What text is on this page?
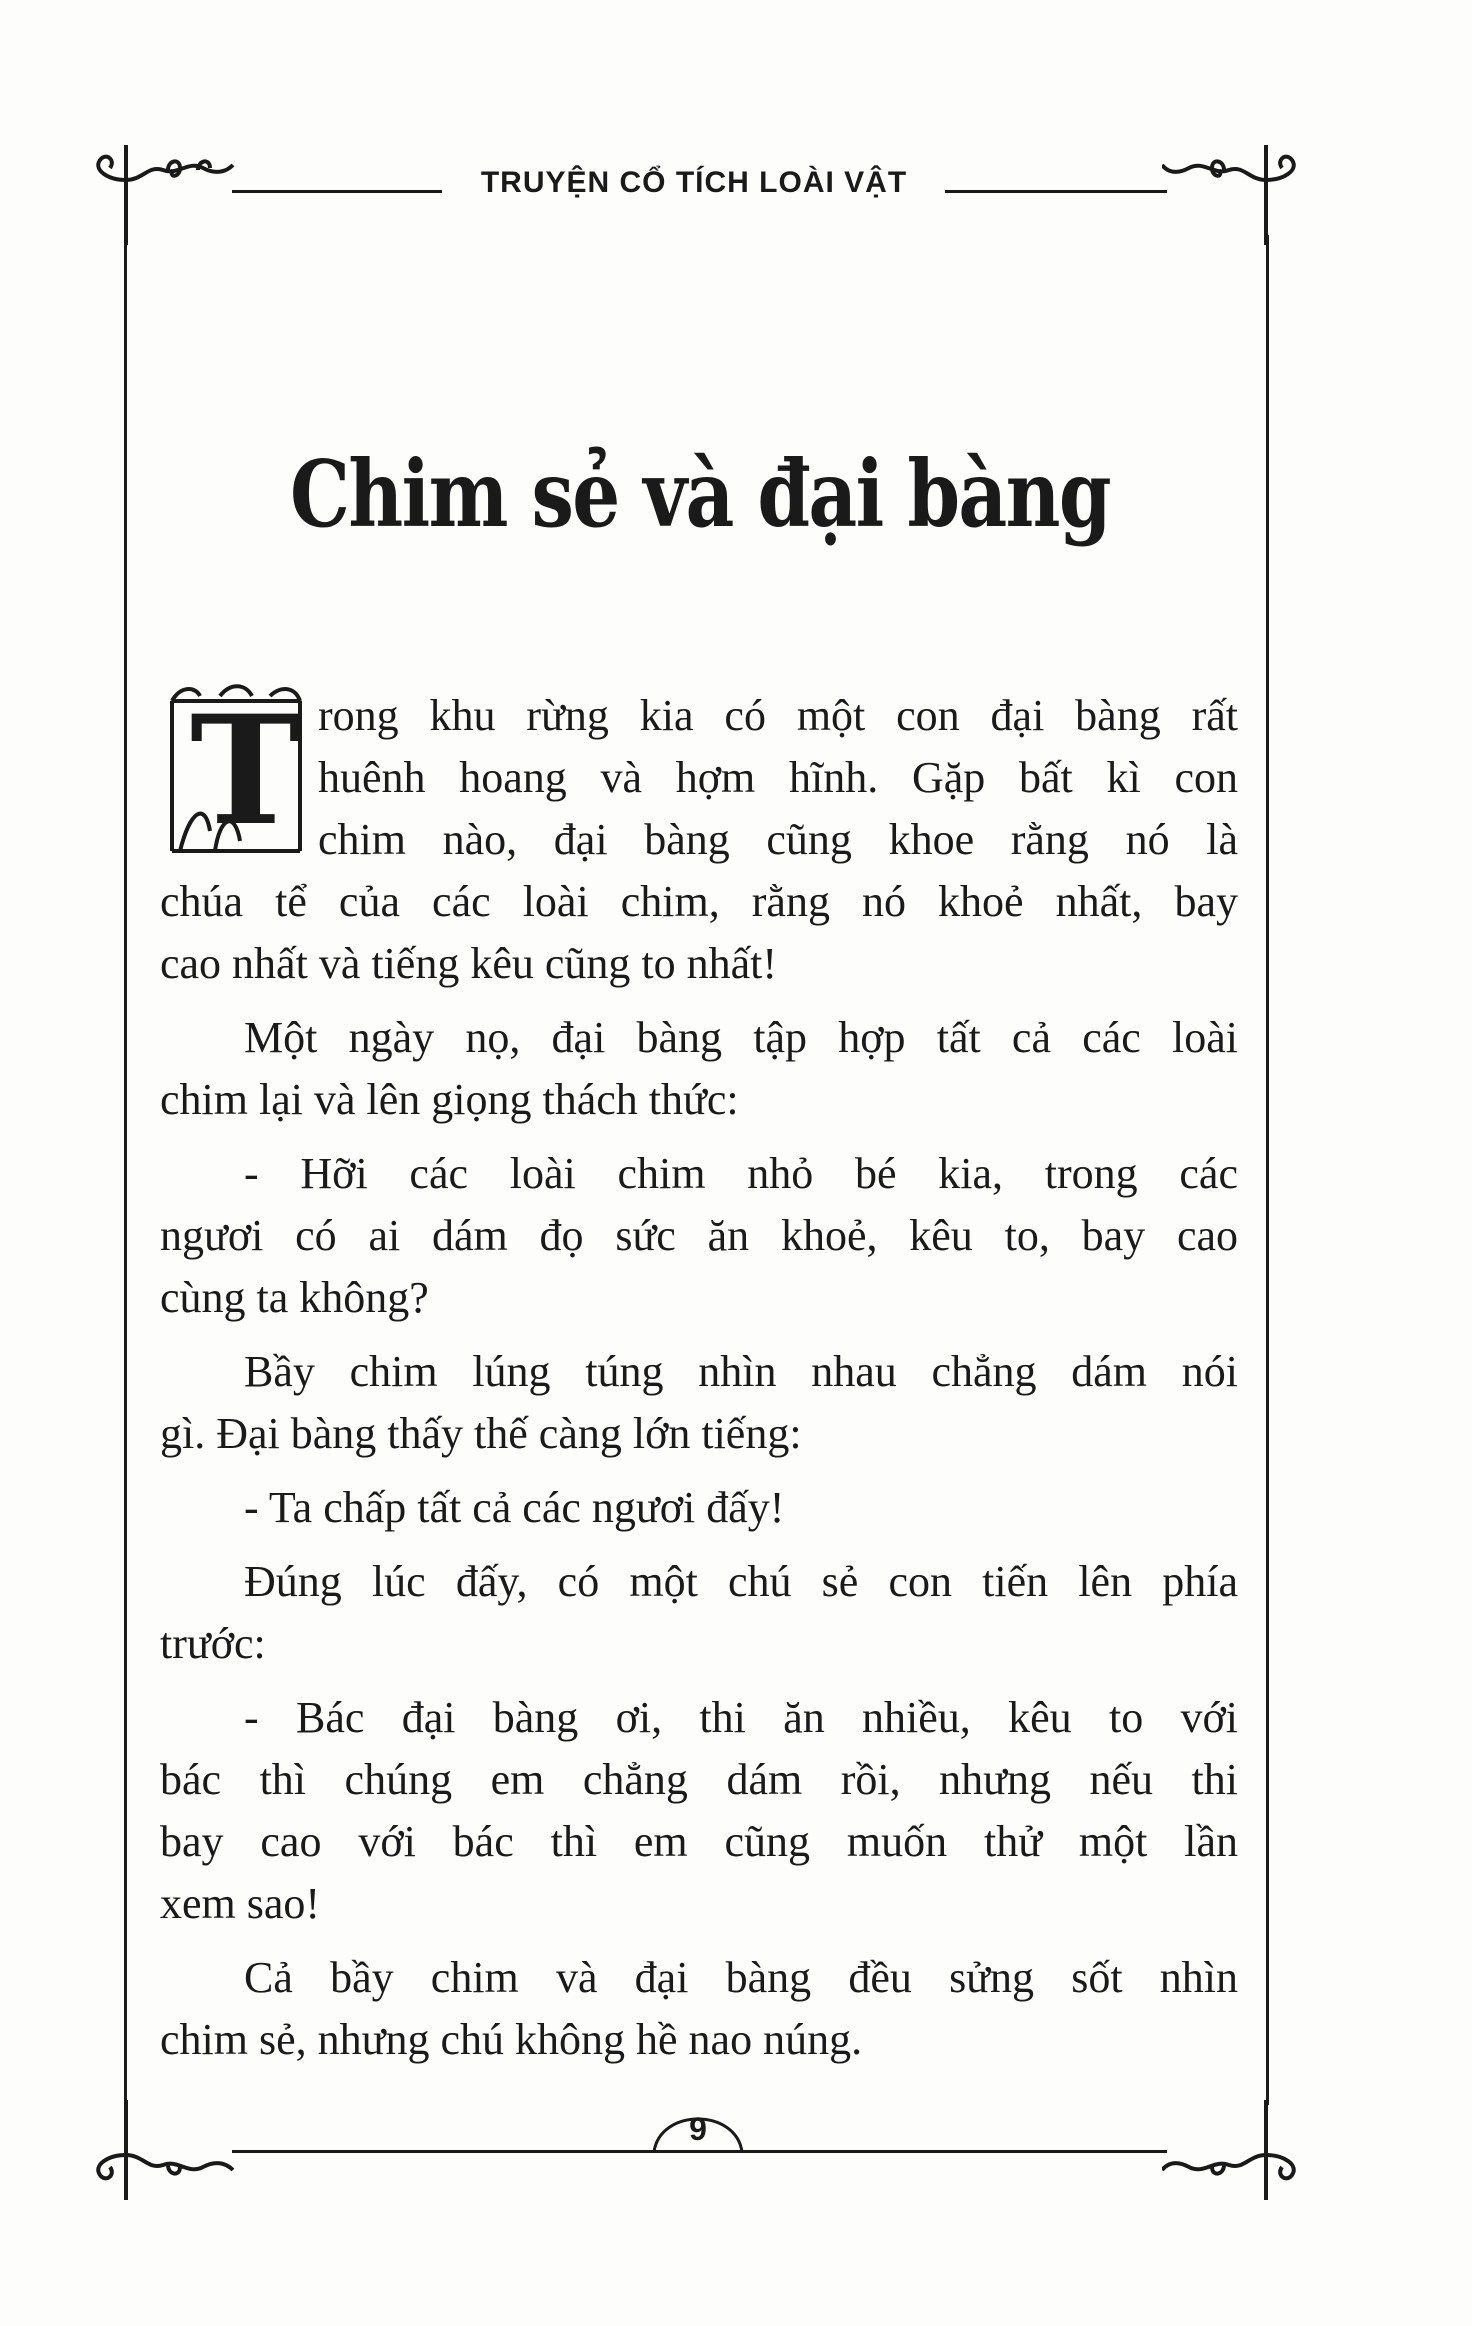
TRUYỆN CỔ TÍCH LOÀI VẬT
Chim sẻ và đại bàng
T rong khu rừng kia có một con đại bàng rất
huênh hoang và hợm hĩnh. Gặp bất kì con
chim nào, đại bàng cũng khoe rằng nó là
chúa tể của các loài chim, rằng nó khoẻ nhất, bay
cao nhất và tiếng kêu cũng to nhất!
Một ngày nọ, đại bàng tập hợp tất cả các loài
chim lại và lên giọng thách thức:
- Hỡi các loài chim nhỏ bé kia, trong các
ngươi có ai dám đọ sức ăn khoẻ, kêu to, bay cao
cùng ta không?
Bầy chim lúng túng nhìn nhau chẳng dám nói
gì. Đại bàng thấy thế càng lớn tiếng:
- Ta chấp tất cả các ngươi đấy!
Đúng lúc đấy, có một chú sẻ con tiến lên phía
trước:
- Bác đại bàng ơi, thi ăn nhiều, kêu to với
bác thì chúng em chẳng dám rồi, nhưng nếu thi
bay cao với bác thì em cũng muốn thử một lần
xem sao!
Cả bầy chim và đại bàng đều sửng sốt nhìn
chim sẻ, nhưng chú không hề nao núng.
9
